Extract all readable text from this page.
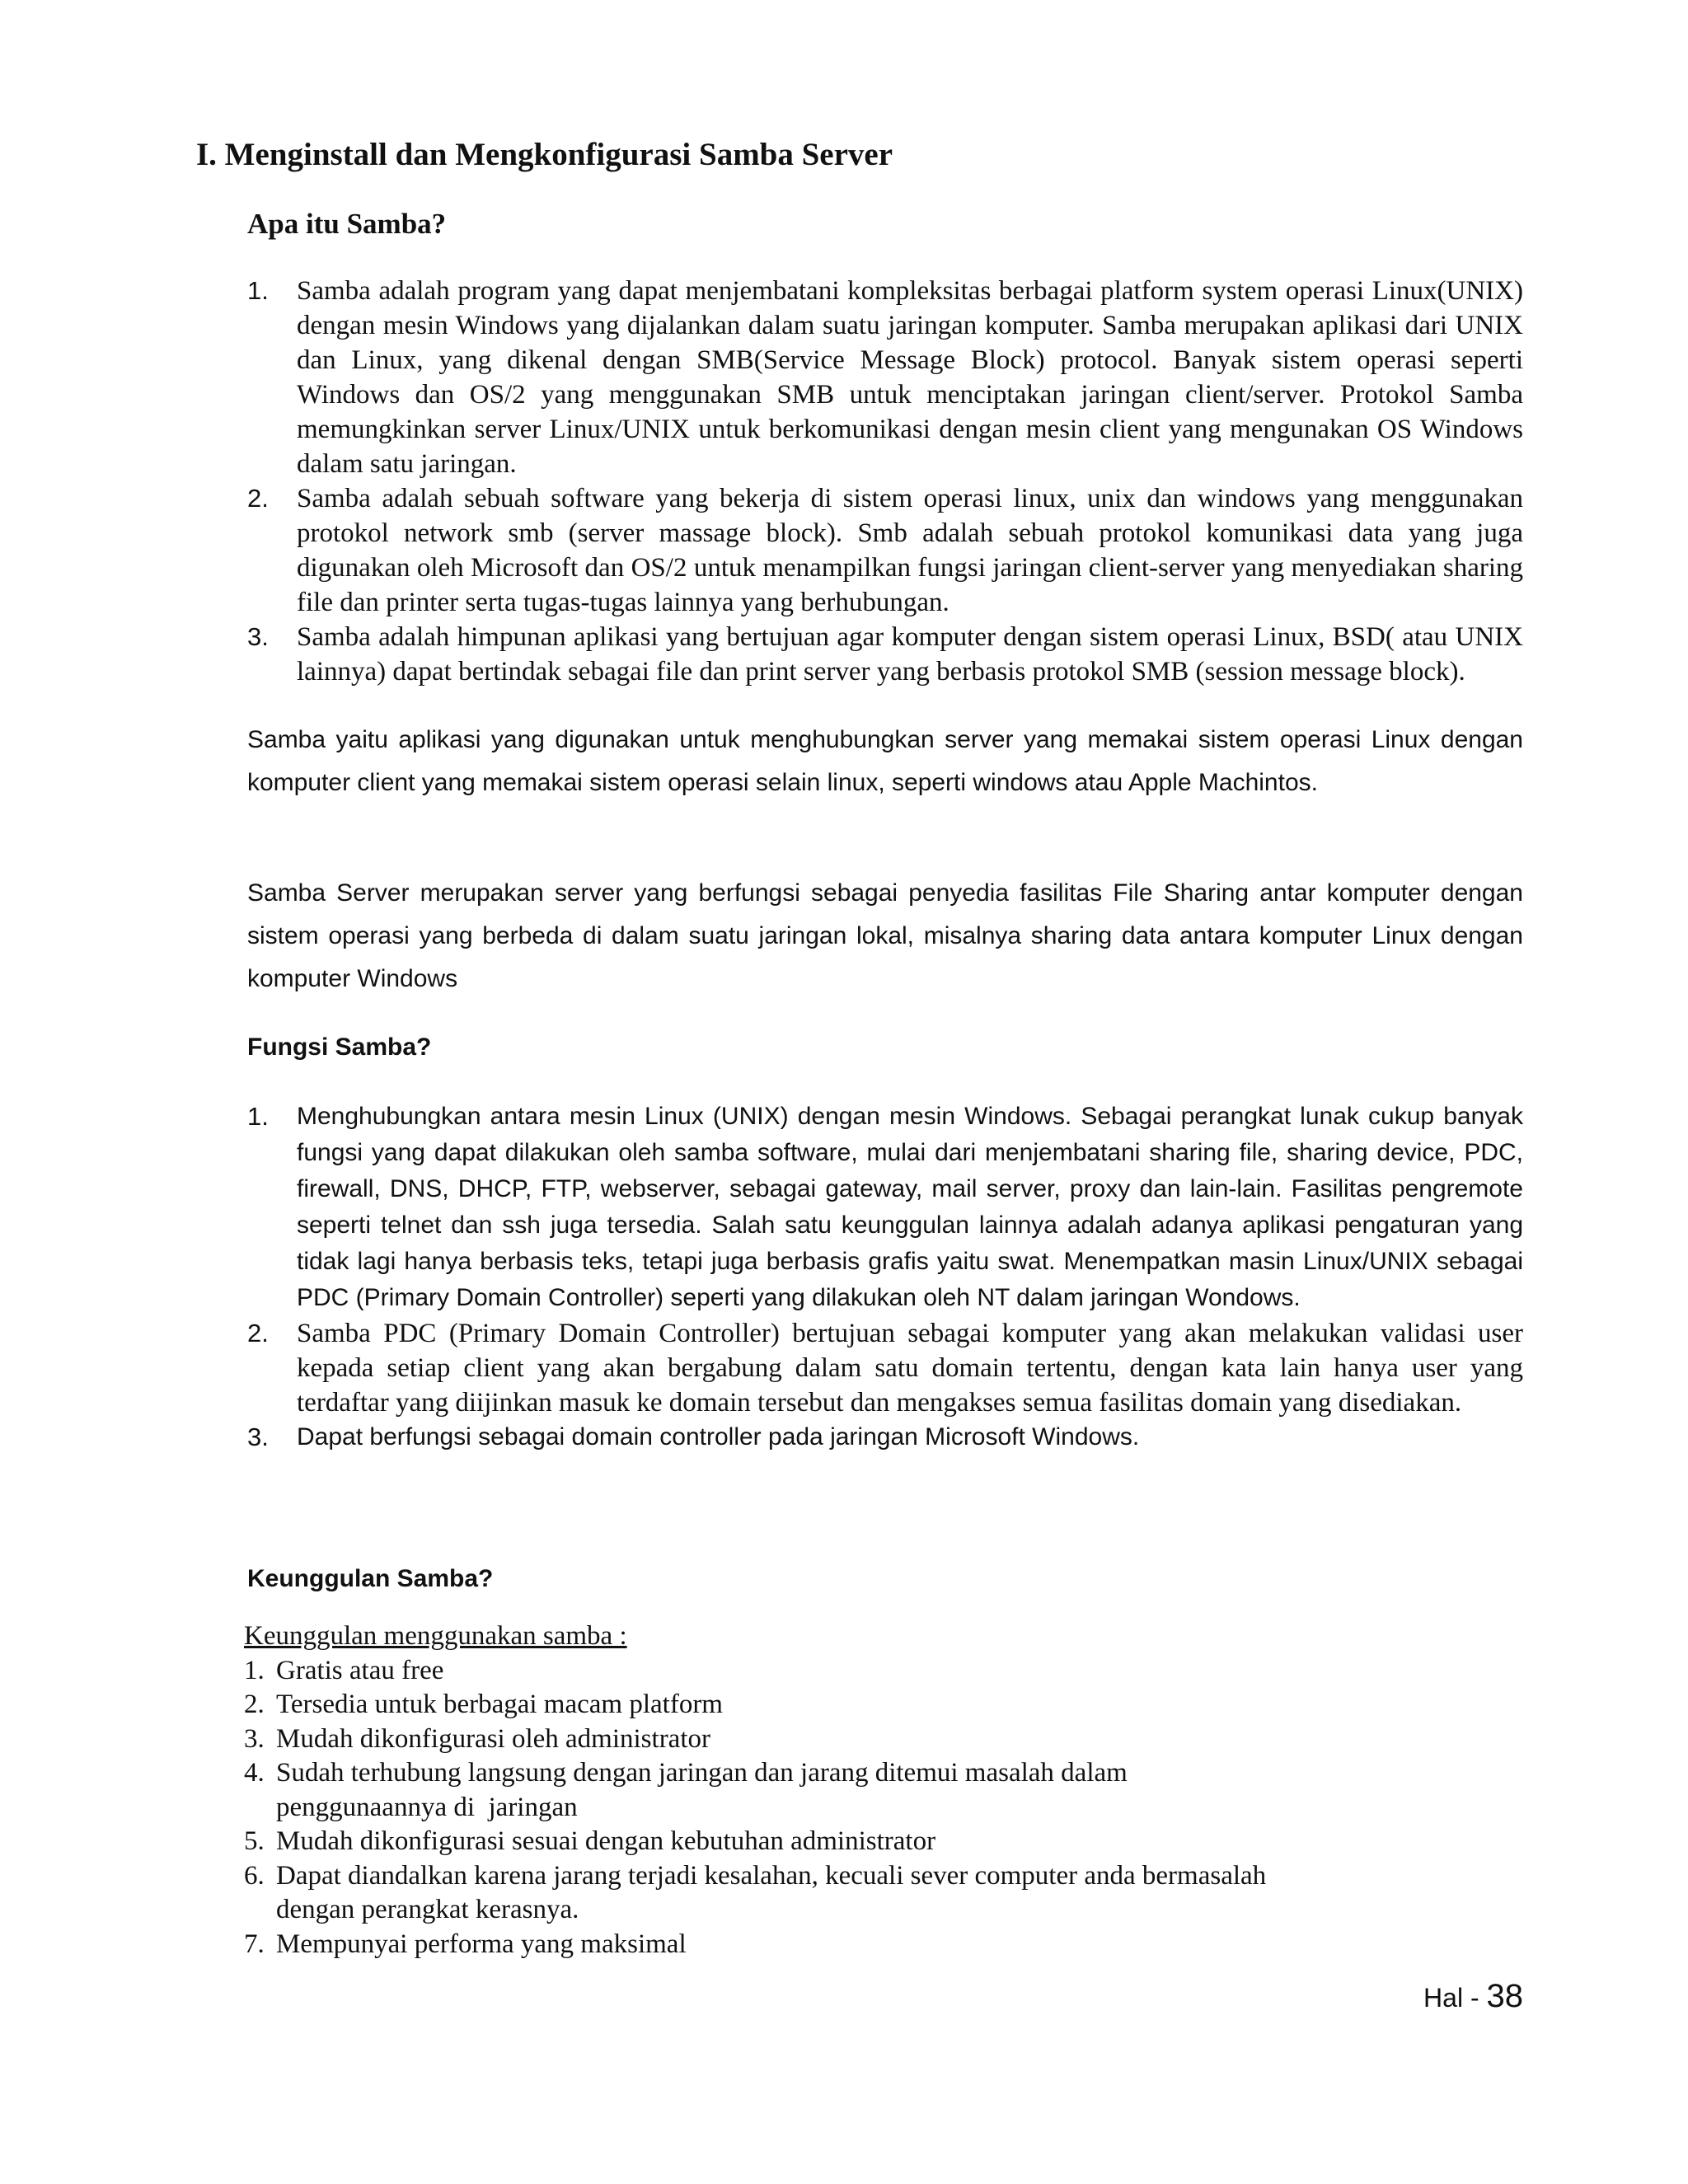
I. Menginstall dan Mengkonfigurasi Samba Server
Apa itu Samba?
1. Samba adalah program yang dapat menjembatani kompleksitas berbagai platform system operasi Linux(UNIX) dengan mesin Windows yang dijalankan dalam suatu jaringan komputer. Samba merupakan aplikasi dari UNIX dan Linux, yang dikenal dengan SMB(Service Message Block) protocol. Banyak sistem operasi seperti Windows dan OS/2 yang menggunakan SMB untuk menciptakan jaringan client/server. Protokol Samba memungkinkan server Linux/UNIX untuk berkomunikasi dengan mesin client yang mengunakan OS Windows dalam satu jaringan.
2. Samba adalah sebuah software yang bekerja di sistem operasi linux, unix dan windows yang menggunakan protokol network smb (server massage block). Smb adalah sebuah protokol komunikasi data yang juga digunakan oleh Microsoft dan OS/2 untuk menampilkan fungsi jaringan client-server yang menyediakan sharing file dan printer serta tugas-tugas lainnya yang berhubungan.
3. Samba adalah himpunan aplikasi yang bertujuan agar komputer dengan sistem operasi Linux, BSD( atau UNIX lainnya) dapat bertindak sebagai file dan print server yang berbasis protokol SMB (session message block).

Samba yaitu aplikasi yang digunakan untuk menghubungkan server yang memakai sistem operasi Linux dengan komputer client yang memakai sistem operasi selain linux, seperti windows atau Apple Machintos.

Samba Server merupakan server yang berfungsi sebagai penyedia fasilitas File Sharing antar komputer dengan sistem operasi yang berbeda di dalam suatu jaringan lokal, misalnya sharing data antara komputer Linux dengan komputer Windows

Fungsi Samba?
1. Menghubungkan antara mesin Linux (UNIX) dengan mesin Windows. Sebagai perangkat lunak cukup banyak fungsi yang dapat dilakukan oleh samba software, mulai dari menjembatani sharing file, sharing device, PDC, firewall, DNS, DHCP, FTP, webserver, sebagai gateway, mail server, proxy dan lain-lain. Fasilitas pengremote seperti telnet dan ssh juga tersedia. Salah satu keunggulan lainnya adalah adanya aplikasi pengaturan yang tidak lagi hanya berbasis teks, tetapi juga berbasis grafis yaitu swat. Menempatkan masin Linux/UNIX sebagai PDC (Primary Domain Controller) seperti yang dilakukan oleh NT dalam jaringan Wondows.
2. Samba PDC (Primary Domain Controller) bertujuan sebagai komputer yang akan melakukan validasi user kepada setiap client yang akan bergabung dalam satu domain tertentu, dengan kata lain hanya user yang terdaftar yang diijinkan masuk ke domain tersebut dan mengakses semua fasilitas domain yang disediakan.
3. Dapat berfungsi sebagai domain controller pada jaringan Microsoft Windows.
Keunggulan Samba?
Keunggulan menggunakan samba :
1. Gratis atau free
2. Tersedia untuk berbagai macam platform
3. Mudah dikonfigurasi oleh administrator
4. Sudah terhubung langsung dengan jaringan dan jarang ditemui masalah dalam
penggunaannya di  jaringan
5. Mudah dikonfigurasi sesuai dengan kebutuhan administrator
6. Dapat diandalkan karena jarang terjadi kesalahan, kecuali sever computer anda bermasalah
dengan perangkat kerasnya.
7. Mempunyai performa yang maksimal
Hal - 38
